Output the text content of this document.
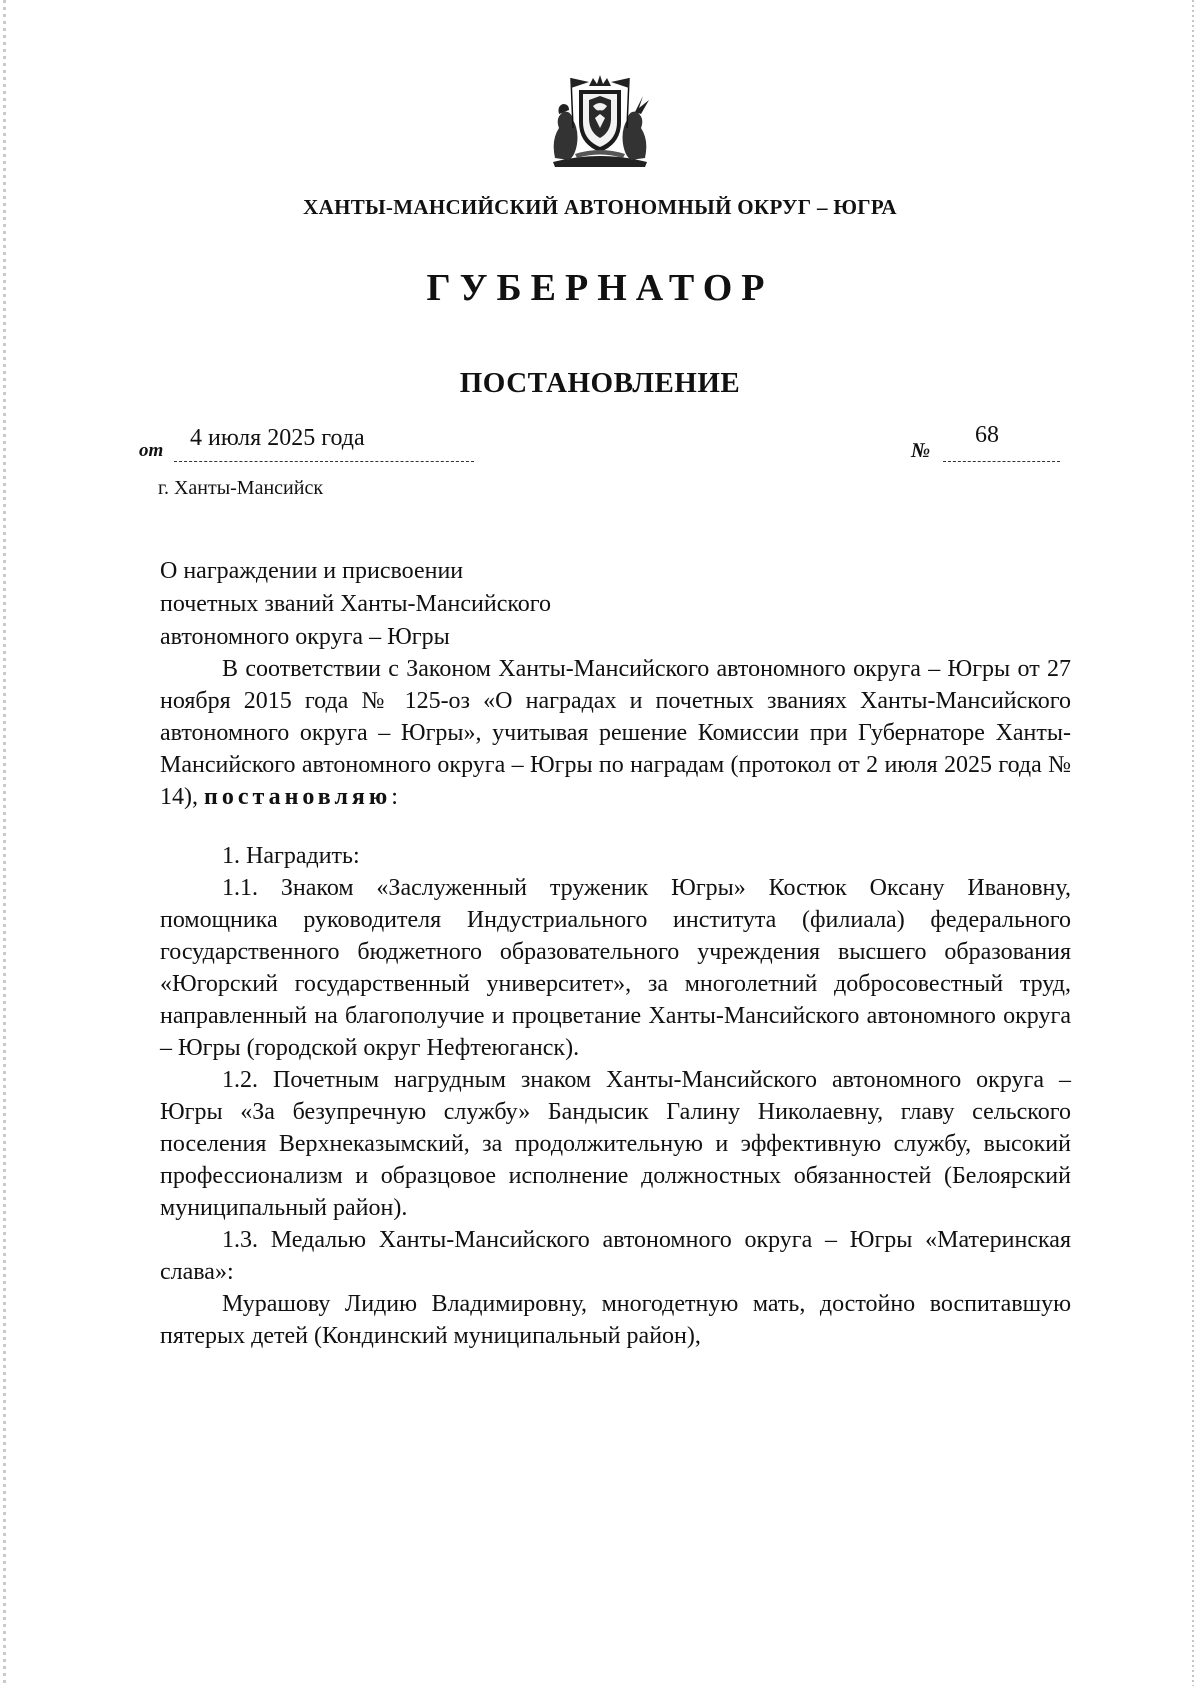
ХАНТЫ-МАНСИЙСКИЙ АВТОНОМНЫЙ ОКРУГ – ЮГРА
ГУБЕРНАТОР
ПОСТАНОВЛЕНИЕ
от 4 июля 2025 года	№
68
г. Ханты-Мансийск
О награждении и присвоении
почетных званий Ханты-Мансийского
автономного округа – Югры

В соответствии с Законом Ханты-Мансийского автономного округа – Югры от 27 ноября 2015 года № 125-оз «О наградах и почетных званиях Ханты-Мансийского автономного округа – Югры», учитывая решение Комиссии при Губернаторе Ханты-Мансийского автономного округа – Югры по наградам (протокол от 2 июля 2025 года № 14), постановляю:

1. Наградить:

1.1. Знаком «Заслуженный труженик Югры» Костюк Оксану Ивановну, помощника руководителя Индустриального института (филиала) федерального государственного бюджетного образовательного учреждения высшего образования «Югорский государственный университет», за многолетний добросовестный труд, направленный на благополучие и процветание Ханты-Мансийского автономного округа – Югры (городской округ Нефтеюганск).

1.2. Почетным нагрудным знаком Ханты-Мансийского автономного округа – Югры «За безупречную службу» Бандысик Галину Николаевну, главу сельского поселения Верхнеказымский, за продолжительную и эффективную службу, высокий профессионализм и образцовое исполнение должностных обязанностей (Белоярский муниципальный район).

1.3. Медалью Ханты-Мансийского автономного округа – Югры «Материнская слава»:

Мурашову Лидию Владимировну, многодетную мать, достойно воспитавшую пятерых детей (Кондинский муниципальный район),
